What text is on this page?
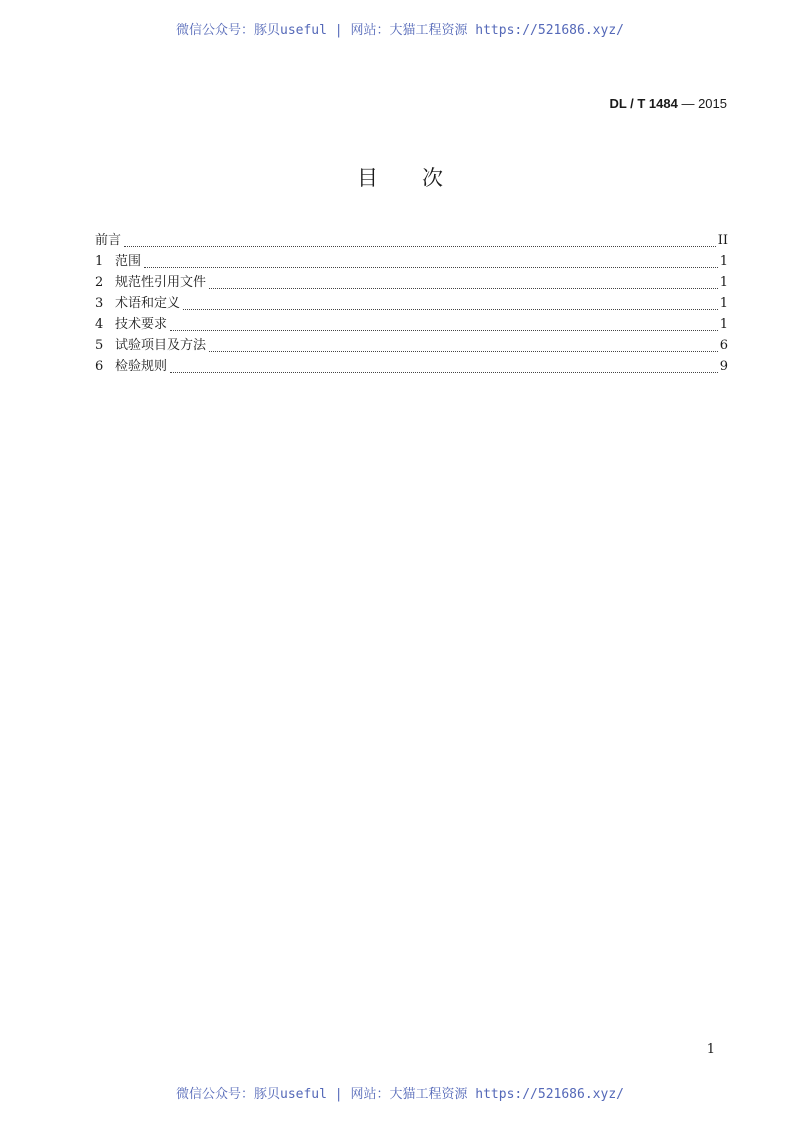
微信公众号：豚贝useful | 网站：大猫工程资源 https://521686.xyz/
DL / T 1484 — 2015
目次
前言	II
1 范围	1
2 规范性引用文件	1
3 术语和定义	1
4 技术要求	1
5 试验项目及方法	6
6 检验规则	9
1
微信公众号：豚贝useful | 网站：大猫工程资源 https://521686.xyz/
